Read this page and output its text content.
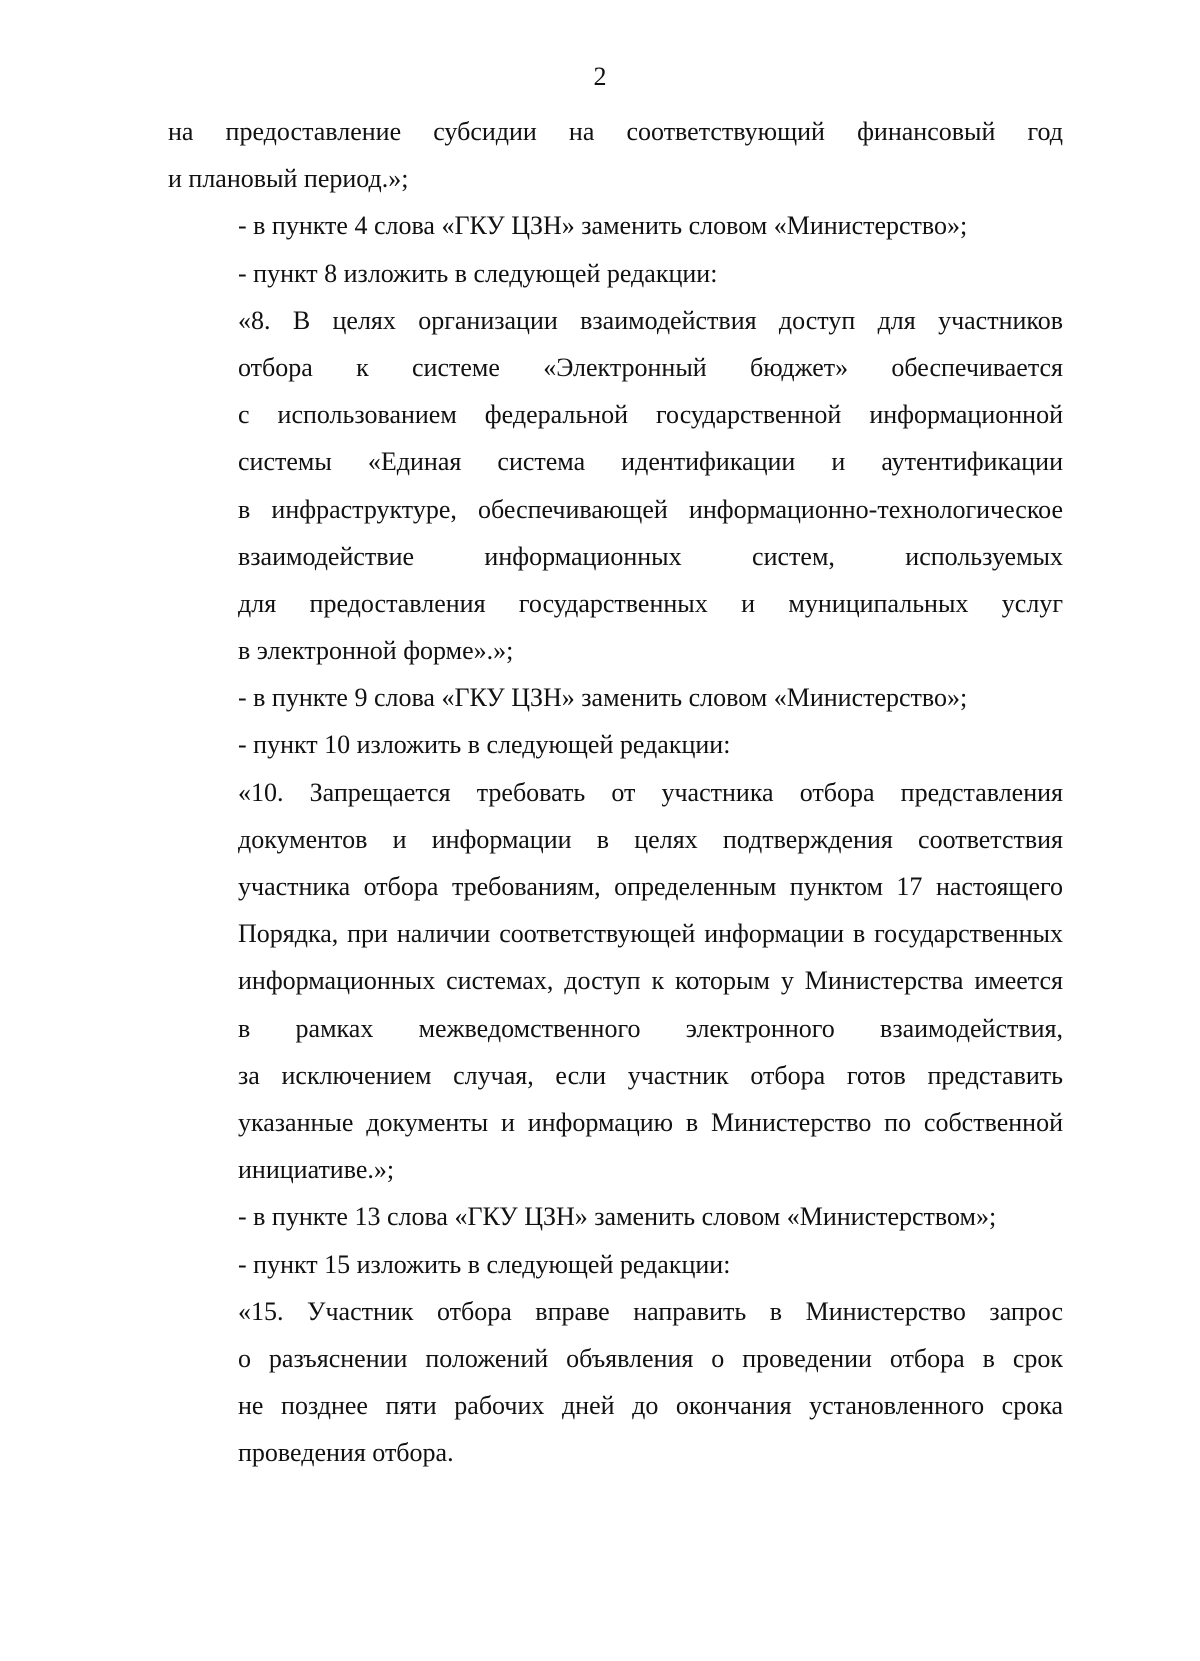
2
на предоставление субсидии на соответствующий финансовый год
и плановый период.»;
- в пункте 4 слова «ГКУ ЦЗН» заменить словом «Министерство»;
- пункт 8 изложить в следующей редакции:
«8. В целях организации взаимодействия доступ для участников
отбора к системе «Электронный бюджет» обеспечивается
с использованием федеральной государственной информационной
системы «Единая система идентификации и аутентификации
в инфраструктуре, обеспечивающей информационно-технологическое
взаимодействие информационных систем, используемых
для предоставления государственных и муниципальных услуг
в электронной форме».»;
- в пункте 9 слова «ГКУ ЦЗН» заменить словом «Министерство»;
- пункт 10 изложить в следующей редакции:
«10. Запрещается требовать от участника отбора представления
документов и информации в целях подтверждения соответствия
участника отбора требованиям, определенным пунктом 17 настоящего
Порядка, при наличии соответствующей информации в государственных
информационных системах, доступ к которым у Министерства имеется
в рамках межведомственного электронного взаимодействия,
за исключением случая, если участник отбора готов представить
указанные документы и информацию в Министерство по собственной
инициативе.»;
- в пункте 13 слова «ГКУ ЦЗН» заменить словом «Министерством»;
- пункт 15 изложить в следующей редакции:
«15. Участник отбора вправе направить в Министерство запрос
о разъяснении положений объявления о проведении отбора в срок
не позднее пяти рабочих дней до окончания установленного срока
проведения отбора.
